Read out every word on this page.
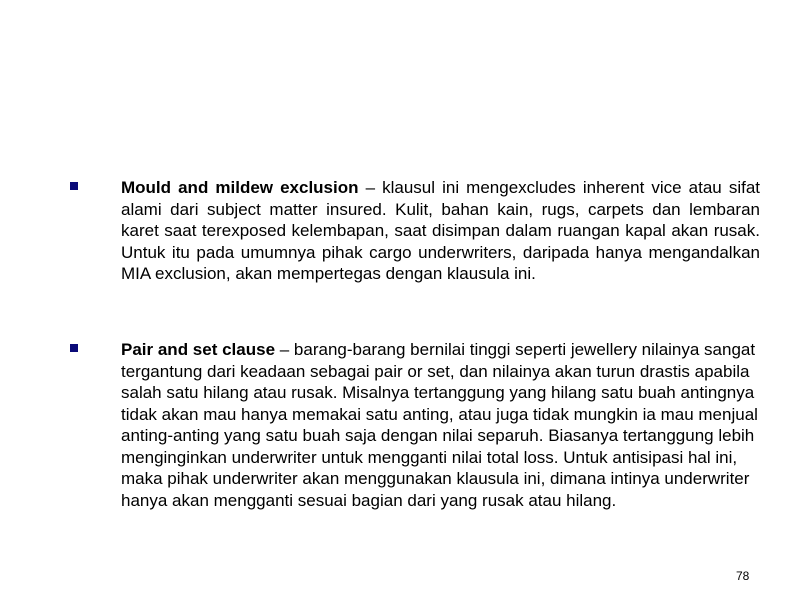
Mould and mildew exclusion – klausul ini mengexcludes inherent vice atau sifat alami dari subject matter insured. Kulit, bahan kain, rugs, carpets dan lembaran karet saat terexposed kelembapan, saat disimpan dalam ruangan kapal akan rusak. Untuk itu pada umumnya pihak cargo underwriters, daripada hanya mengandalkan MIA exclusion, akan mempertegas dengan klausula ini.
Pair and set clause – barang-barang bernilai tinggi seperti jewellery nilainya sangat tergantung dari keadaan sebagai pair or set, dan nilainya akan turun drastis apabila salah satu hilang atau rusak. Misalnya tertanggung yang hilang satu buah antingnya tidak akan mau hanya memakai satu anting, atau juga tidak mungkin ia mau menjual anting-anting yang satu buah saja dengan nilai separuh. Biasanya tertanggung lebih menginginkan underwriter untuk mengganti nilai total loss. Untuk antisipasi hal ini, maka pihak underwriter akan menggunakan klausula ini, dimana intinya underwriter hanya akan mengganti sesuai bagian dari yang rusak atau hilang.
78
